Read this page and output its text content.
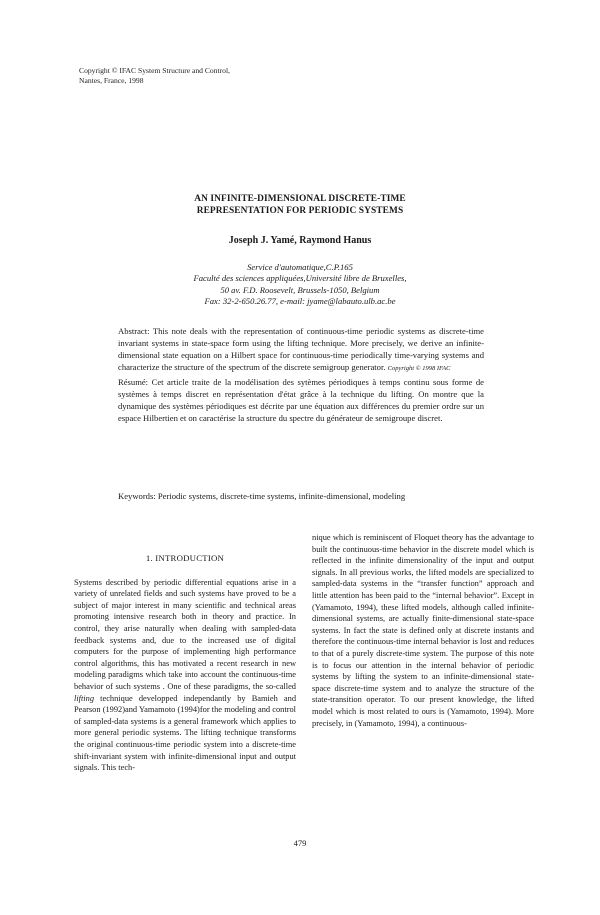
Copyright © IFAC System Structure and Control,
Nantes, France, 1998
AN INFINITE-DIMENSIONAL DISCRETE-TIME
REPRESENTATION FOR PERIODIC SYSTEMS
Joseph J. Yamé, Raymond Hanus
Service d'automatique,C.P.165
Faculté des sciences appliquées,Université libre de Bruxelles,
50 av. F.D. Roosevelt, Brussels-1050, Belgium
Fax: 32-2-650.26.77, e-mail: jyame@labauto.ulb.ac.be
Abstract: This note deals with the representation of continuous-time periodic systems as discrete-time invariant systems in state-space form using the lifting technique. More precisely, we derive an infinite-dimensional state equation on a Hilbert space for continuous-time periodically time-varying systems and characterize the structure of the spectrum of the discrete semigroup generator. Copyright © 1998 IFAC
Résumé: Cet article traite de la modélisation des sytèmes périodiques à temps continu sous forme de systèmes à temps discret en représentation d'état grâce à la technique du lifting. On montre que la dynamique des systèmes périodiques est décrite par une équation aux différences du premier ordre sur un espace Hilbertien et on caractérise la structure du spectre du générateur de semigroupe discret.
Keywords: Periodic systems, discrete-time systems, infinite-dimensional, modeling
1. INTRODUCTION

Systems described by periodic differential equations arise in a variety of unrelated fields and such systems have proved to be a subject of major interest in many scientific and technical areas promoting intensive research both in theory and practice. In control, they arise naturally when dealing with sampled-data feedback systems and, due to the increased use of digital computers for the purpose of implementing high performance control algorithms, this has motivated a recent research in new modeling paradigms which take into account the continuous-time behavior of such systems . One of these paradigms, the so-called lifting technique developped independantly by Bamieh and Pearson (1992)and Yamamoto (1994)for the modeling and control of sampled-data systems is a general framework which applies to more general periodic systems. The lifting technique transforms the original continuous-time periodic system into a discrete-time shift-invariant system with infinite-dimensional input and output signals. This tech-

nique which is reminiscent of Floquet theory has the advantage to built the continuous-time behavior in the discrete model which is reflected in the infinite dimensionality of the input and output signals. In all previous works, the lifted models are specialized to sampled-data systems in the “transfer function” approach and little attention has been paid to the “internal behavior”. Except in (Yamamoto, 1994), these lifted models, although called infinite-dimensional systems, are actually finite-dimensional state-space systems. In fact the state is defined only at discrete instants and therefore the continuous-time internal behavior is lost and reduces to that of a purely discrete-time system. The purpose of this note is to focus our attention in the internal behavior of periodic systems by lifting the system to an infinite-dimensional state-space discrete-time system and to analyze the structure of the state-transition operator. To our present knowledge, the lifted model which is most related to ours is (Yamamoto, 1994). More precisely, in (Yamamoto, 1994), a continuous-

479
